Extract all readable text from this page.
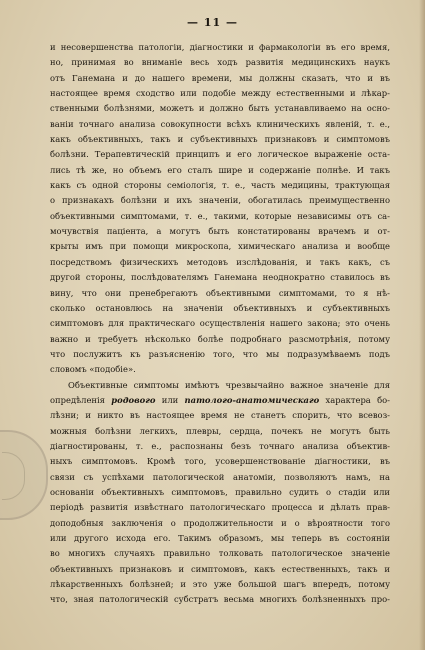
— 11 —
и несовершенства патологіи, діагностики и фармакологіи въ его время,
но, принимая во вниманіе весь ходъ развитія медицинскихъ наукъ
отъ Ганемана и до нашего времени, мы должны сказать, что и въ
настоящее время сходство или подобіе между естественными и лѣкар-
ственными болѣзнями, можетъ и должно быть устанавливаемо на осно-
ваніи точнаго анализа совокупности всѣхъ клиническихъ явленій, т. е.,
какъ объективныхъ, такъ и субъективныхъ признаковъ и симптомовъ
болѣзни. Терапевтическій принципъ и его логическое выраженіе оста-
лись тѣ же, но объемъ его сталъ шире и содержаніе полнѣе. И такъ
какъ съ одной стороны семіологія, т. е., часть медицины, трактующая
о признакахъ болѣзни и ихъ значеніи, обогатилась преимущественно
объективными симптомами, т. е., такими, которые независимы отъ са-
мочувствія паціента, а могутъ быть констатированы врачемъ и от-
крыты имъ при помощи микроскопа, химическаго анализа и вообще
посредствомъ физическихъ методовъ изслѣдованія, и такъ какъ, съ
другой стороны, послѣдователямъ Ганемана неоднократно ставилось въ
вину, что они пренебрегаютъ объективными симптомами, то я нѣ-
сколько остановлюсь на значеніи объективныхъ и субъективныхъ
симптомовъ для практическаго осуществленія нашего закона; это очень
важно и требуетъ нѣсколько болѣе подробнаго разсмотрѣнія, потому
что послужитъ къ разъясненію того, что мы подразумѣваемъ подъ
словомъ «подобіе».
Объективные симптомы имѣютъ чрезвычайно важное значеніе для
опредѣленія родового или патолого-анатомическаго характера бо-
лѣзни; и никто въ настоящее время не станетъ спорить, что всевоз-
можныя болѣзни легкихъ, плевры, сердца, почекъ не могутъ быть
діагностированы, т. е., распознаны безъ точнаго анализа объектив-
ныхъ симптомовъ. Кромѣ того, усовершенствованіе діагностики, въ
связи съ успѣхами патологической анатоміи, позволяютъ намъ, на
основаніи объективныхъ симптомовъ, правильно судить о стадіи или
періодѣ развитія извѣстнаго патологическаго процесса и дѣлать прав-
доподобныя заключенія о продолжительности и о вѣроятности того
или другого исхода его. Такимъ образомъ, мы теперь въ состояніи
во многихъ случаяхъ правильно толковать патологическое значеніе
объективныхъ признаковъ и симптомовъ, какъ естественныхъ, такъ и
лѣкарственныхъ болѣзней; и это уже большой шагъ впередъ, потому
что, зная патологическій субстратъ весьма многихъ болѣзненныхъ про-
